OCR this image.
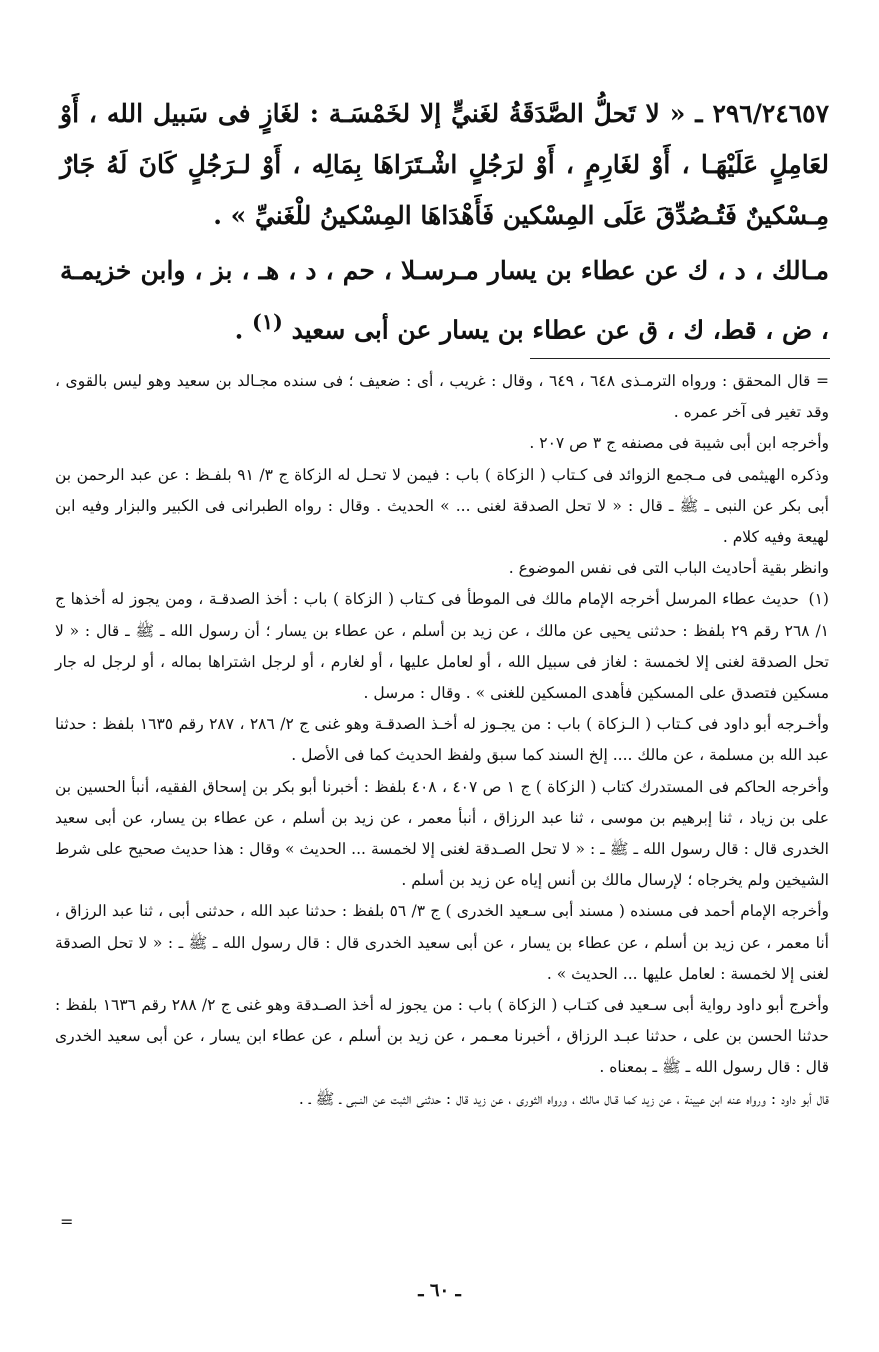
٢٩٦/٢٤٦٥٧ ـ « لا تَحلُّ الصَّدَقَةُ لغَنيٍّ إلا لخَمْسَـة : لغَازٍ فى سَبيل الله ، أَوْ لعَامِلٍ عَلَيْهَـا ، أَوْ لغَارِمٍ ، أَوْ لرَجُلٍ اشْـتَرَاهَا بِمَالِه ، أَوْ لـرَجُلٍ كَانَ لَهُ جَارٌ مِـسْكينٌ فَتُـصُدِّقَ عَلَى المِسْكين فَأَهْدَاهَا المِسْكينُ للْغَنيِّ » .

مـالك ، د ، ك عن عطاء بن يسار مـرسـلا ، حم ، د ، هـ ، بز ، وابن خزيمـة ، ض ، قط، ك ، ق عن عطاء بن يسار عن أبى سعيد $^{(١)}$ .

= قال المحقق : ورواه الترمـذى ٦٤٨ ، ٦٤٩ ، وقال : غريب ، أى : ضعيف ؛ فى سنده مجـالد بن سعيد وهو ليس بالقوى ، وقد تغير فى آخر عمره .

وأخرجه ابن أبى شيبة فى مصنفه ج ٣ ص ٢٠٧ .

وذكره الهيثمى فى مـجمع الزوائد فى كـتاب ( الزكاة ) باب : فيمن لا تحـل له الزكاة ج ٣/ ٩١ بلفـظ : عن عبد الرحمن بن أبى بكر عن النبى ـ ﷺ ـ قال : « لا تحل الصدقة لغنى ... » الحديث . وقال : رواه الطبرانى فى الكبير والبزار وفيه ابن لهيعة وفيه كلام .

وانظر بقية أحاديث الباب التى فى نفس الموضوع .

(١) حديث عطاء المرسل أخرجه الإمام مالك فى الموطأ فى كـتاب ( الزكاة ) باب : أخذ الصدقـة ، ومن يجوز له أخذها ج ١/ ٢٦٨ رقم ٢٩ بلفظ : حدثنى يحيى عن مالك ، عن زيد بن أسلم ، عن عطاء بن يسار ؛ أن رسول الله ـ ﷺ ـ قال : « لا تحل الصدقة لغنى إلا لخمسة : لغاز فى سبيل الله ، أو لعامل عليها ، أو لغارم ، أو لرجل اشتراها بماله ، أو لرجل له جار مسكين فتصدق على المسكين فأهدى المسكين للغنى » . وقال : مرسل .

وأخـرجه أبو داود فى كـتاب ( الـزكاة ) باب : من يجـوز له أخـذ الصدقـة وهو غنى ج ٢/ ٢٨٦ ، ٢٨٧ رقم ١٦٣٥ بلفظ : حدثنا عبد الله بن مسلمة ، عن مالك .... إلخ السند كما سبق ولفظ الحديث كما فى الأصل .

وأخرجه الحاكم فى المستدرك كتاب ( الزكاة ) ج ١ ص ٤٠٧ ، ٤٠٨ بلفظ : أخبرنا أبو بكر بن إسحاق الفقيه، أنبأ الحسين بن على بن زياد ، ثنا إبرهيم بن موسى ، ثنا عبد الرزاق ، أنبأ معمر ، عن زيد بن أسلم ، عن عطاء بن يسار، عن أبى سعيد الخدرى قال : قال رسول الله ـ ﷺ ـ : « لا تحل الصـدقة لغنى إلا لخمسة ... الحديث » وقال : هذا حديث صحيح على شرط الشيخين ولم يخرجاه ؛ لإرسال مالك بن أنس إياه عن زيد بن أسلم .

وأخرجه الإمام أحمد فى مسنده ( مسند أبى سـعيد الخدرى ) ج ٣/ ٥٦ بلفظ : حدثنا عبد الله ، حدثنى أبى ، ثنا عبد الرزاق ، أنا معمر ، عن زيد بن أسلم ، عن عطاء بن يسار ، عن أبى سعيد الخدرى قال : قال رسول الله ـ ﷺ ـ : « لا تحل الصدقة لغنى إلا لخمسة : لعامل عليها ... الحديث » .

وأخرج أبو داود رواية أبى سـعيد فى كتـاب ( الزكاة ) باب : من يجوز له أخذ الصـدقة وهو غنى ج ٢/ ٢٨٨ رقم ١٦٣٦ بلفظ : حدثنا الحسن بن على ، حدثنا عبـد الرزاق ، أخبرنا معـمر ، عن زيد بن أسلم ، عن عطاء ابن يسار ، عن أبى سعيد الخدرى قال : قال رسول الله ـ ﷺ ـ بمعناه .

قال أبو داود : ورواه عنه ابن عيينة ، عن زيد كما قـال مالك ، ورواه الثورى ، عن زيد قال : حدثنى الثبت عن النـبى ـ ﷺ ـ .

=
ـ ٦٠ ـ
